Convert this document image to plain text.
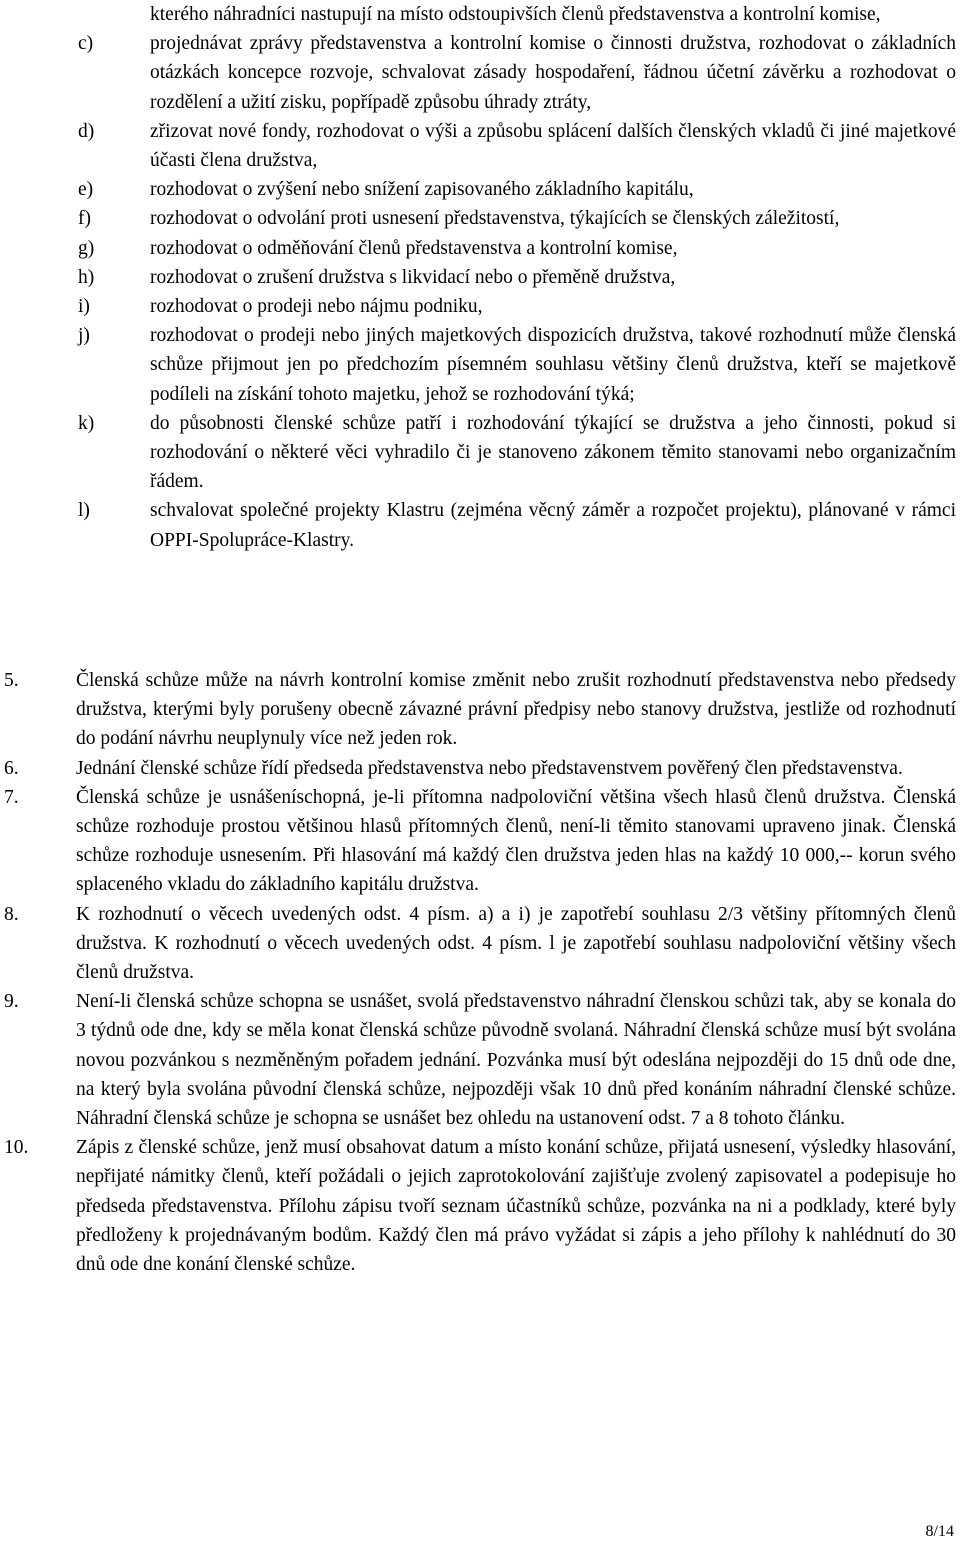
kterého náhradníci nastupují na místo odstoupivších členů představenstva a kontrolní komise,
c)	projednávat zprávy představenstva a kontrolní komise o činnosti družstva, rozhodovat o základních otázkách koncepce rozvoje, schvalovat zásady hospodaření, řádnou účetní závěrku a rozhodovat o rozdělení a užití zisku, popřípadě způsobu úhrady ztráty,
d)	zřizovat nové fondy, rozhodovat o výši a způsobu splácení dalších členských vkladů či jiné majetkové účasti člena družstva,
e)	rozhodovat o zvýšení nebo snížení zapisovaného základního kapitálu,
f)	rozhodovat o odvolání proti usnesení představenstva, týkajících se členských záležitostí,
g)	rozhodovat o odměňování členů představenstva a kontrolní komise,
h)	rozhodovat o zrušení družstva s likvidací nebo o přeměně družstva,
i)	rozhodovat o prodeji nebo nájmu podniku,
j)	rozhodovat o prodeji nebo jiných majetkových dispozicích družstva, takové rozhodnutí může členská schůze přijmout jen po předchozím písemném souhlasu většiny členů družstva, kteří se majetkově podíleli na získání tohoto majetku, jehož se rozhodování týká;
k)	do působnosti členské schůze patří i rozhodování týkající se družstva a jeho činnosti, pokud si rozhodování o některé věci vyhradilo či je stanoveno zákonem těmito stanovami nebo organizačním řádem.
l)	schvalovat společné projekty Klastru (zejména věcný záměr a rozpočet projektu), plánované v rámci OPPI-Spolupráce-Klastry.
5.	Členská schůze může na návrh kontrolní komise změnit nebo zrušit rozhodnutí představenstva nebo předsedy družstva, kterými byly porušeny obecně závazné právní předpisy nebo stanovy družstva, jestliže od rozhodnutí do podání návrhu neuplynuly více než jeden rok.
6.	Jednání členské schůze řídí předseda představenstva nebo představenstvem pověřený člen představenstva.
7.	Členská schůze je usnášeníschopná, je-li přítomna nadpoloviční většina všech hlasů členů družstva. Členská schůze rozhoduje prostou většinou hlasů přítomných členů, není-li těmito stanovami upraveno jinak. Členská schůze rozhoduje usnesením. Při hlasování má každý člen družstva jeden hlas na každý 10 000,-- korun svého splaceného vkladu do základního kapitálu družstva.
8.	K rozhodnutí o věcech uvedených odst. 4 písm. a) a i) je zapotřebí souhlasu 2/3 většiny přítomných členů družstva. K rozhodnutí o věcech uvedených odst. 4 písm. l je zapotřebí souhlasu nadpoloviční většiny všech členů družstva.
9.	Není-li členská schůze schopna se usnášet, svolá představenstvo náhradní členskou schůzi tak, aby se konala do 3 týdnů ode dne, kdy se měla konat členská schůze původně svolaná. Náhradní členská schůze musí být svolána novou pozvánkou s nezměněným pořadem jednání. Pozvánka musí být odeslána nejpozději do 15 dnů ode dne, na který byla svolána původní členská schůze, nejpozději však 10 dnů před konáním náhradní členské schůze. Náhradní členská schůze je schopna se usnášet bez ohledu na ustanovení odst. 7 a 8 tohoto článku.
10. Zápis z členské schůze, jenž musí obsahovat datum a místo konání schůze, přijatá usnesení, výsledky hlasování, nepřijaté námitky členů, kteří požádali o jejich zaprotokolování zajišťuje zvolený zapisovatel a podepisuje ho předseda představenstva. Přílohu zápisu tvoří seznam účastníků schůze, pozvánka na ni a podklady, které byly předloženy k projednávaným bodům. Každý člen má právo vyžádat si zápis a jeho přílohy k nahlédnutí do 30 dnů ode dne konání členské schůze.
8/14
